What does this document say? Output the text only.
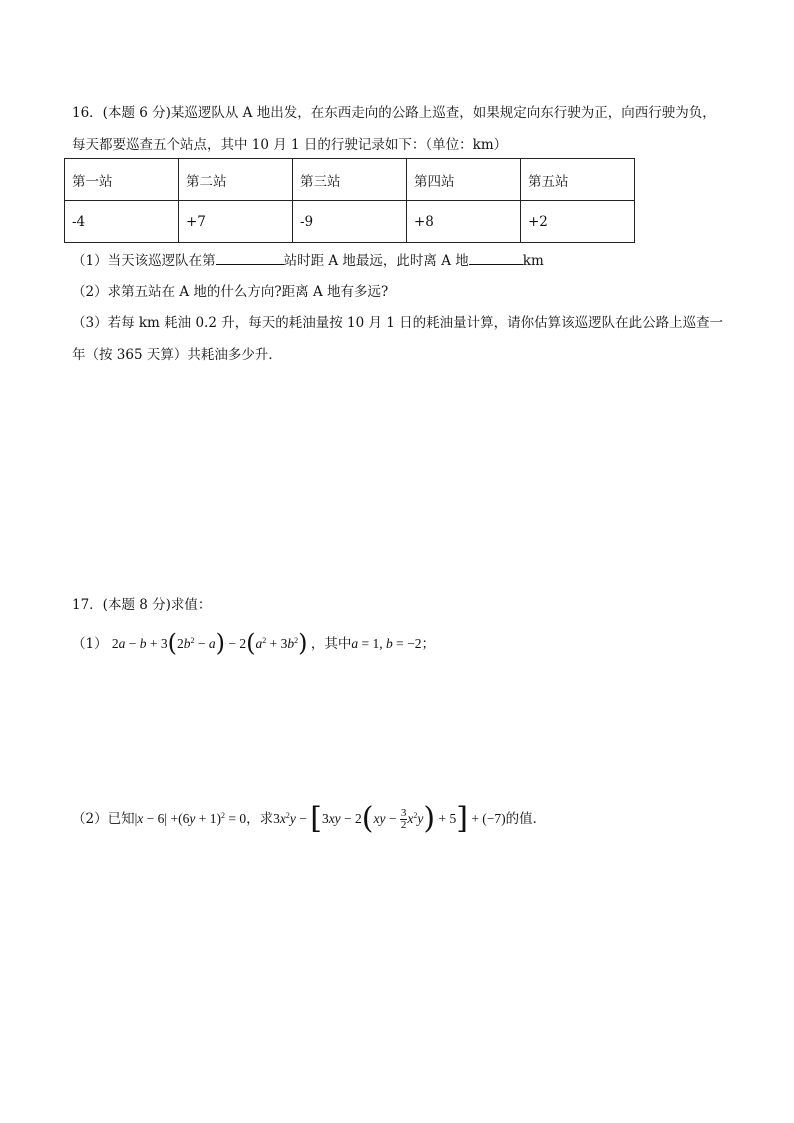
16．(本题 6 分)某巡逻队从 A 地出发，在东西走向的公路上巡查，如果规定向东行驶为正，向西行驶为负，
每天都要巡查五个站点，其中 10 月 1 日的行驶记录如下：（单位：km）
第一站	第二站	第三站	第四站	第五站
-4	+7	-9	+8	+2
（1）当天该巡逻队在第	站时距 A 地最远，此时离 A 地	km
（2）求第五站在 A 地的什么方向?距离 A 地有多远?
（3）若每 km 耗油 0.2 升，每天的耗油量按 10 月 1 日的耗油量计算，请你估算该巡逻队在此公路上巡查一
年（按 365 天算）共耗油多少升．
17．(本题 8 分)求值：
（1） $2a - b + 3(2b^2 - a) - 2(a^2 + 3b^2)$ ，其中a = 1, b = −2；
（2）已知$|x - 6| +(6y + 1)^2 = 0$，求$3x^2y - [3xy - 2(xy - \frac{3}{2} x^2y) + 5] + (-7)$的值．
